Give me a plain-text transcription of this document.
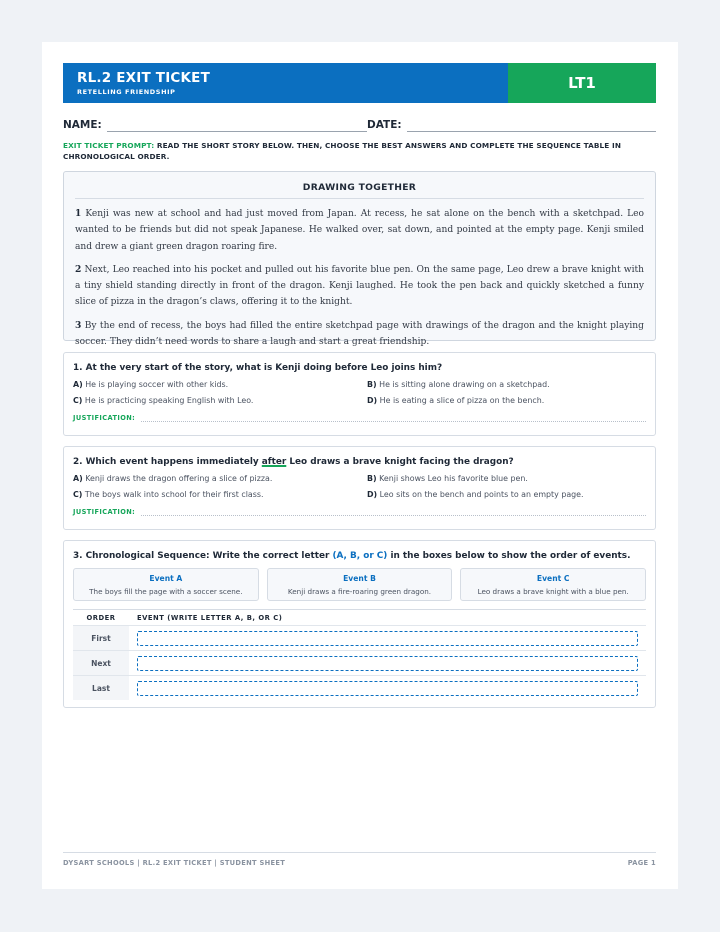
RL.2 EXIT TICKET
RETELLING FRIENDSHIP	LT1
NAME:	DATE:
EXIT TICKET PROMPT: READ THE SHORT STORY BELOW. THEN, CHOOSE THE BEST ANSWERS AND COMPLETE THE SEQUENCE TABLE IN CHRONOLOGICAL ORDER.
DRAWING TOGETHER

1 Kenji was new at school and had just moved from Japan. At recess, he sat alone on the bench with a sketchpad. Leo wanted to be friends but did not speak Japanese. He walked over, sat down, and pointed at the empty page. Kenji smiled and drew a giant green dragon roaring fire.

2 Next, Leo reached into his pocket and pulled out his favorite blue pen. On the same page, Leo drew a brave knight with a tiny shield standing directly in front of the dragon. Kenji laughed. He took the pen back and quickly sketched a funny slice of pizza in the dragon’s claws, offering it to the knight.

3 By the end of recess, the boys had filled the entire sketchpad page with drawings of the dragon and the knight playing soccer. They didn’t need words to share a laugh and start a great friendship.

1. At the very start of the story, what is Kenji doing before Leo joins him?
A) He is playing soccer with other kids.	B) He is sitting alone drawing on a sketchpad.
C) He is practicing speaking English with Leo.	D) He is eating a slice of pizza on the bench.
JUSTIFICATION:
2. Which event happens immediately after Leo draws a brave knight facing the dragon?
A) Kenji draws the dragon offering a slice of pizza.	B) Kenji shows Leo his favorite blue pen.
C) The boys walk into school for their first class.	D) Leo sits on the bench and points to an empty page.
JUSTIFICATION:
3. Chronological Sequence: Write the correct letter (A, B, or C) in the boxes below to show the order of events.
Event A
The boys fill the page with a soccer scene.
Event B
Kenji draws a fire-roaring green dragon.
Event C
Leo draws a brave knight with a blue pen.
ORDER	EVENT (WRITE LETTER A, B, OR C)
First
Next
Last
DYSART SCHOOLS | RL.2 EXIT TICKET | STUDENT SHEET	PAGE 1
